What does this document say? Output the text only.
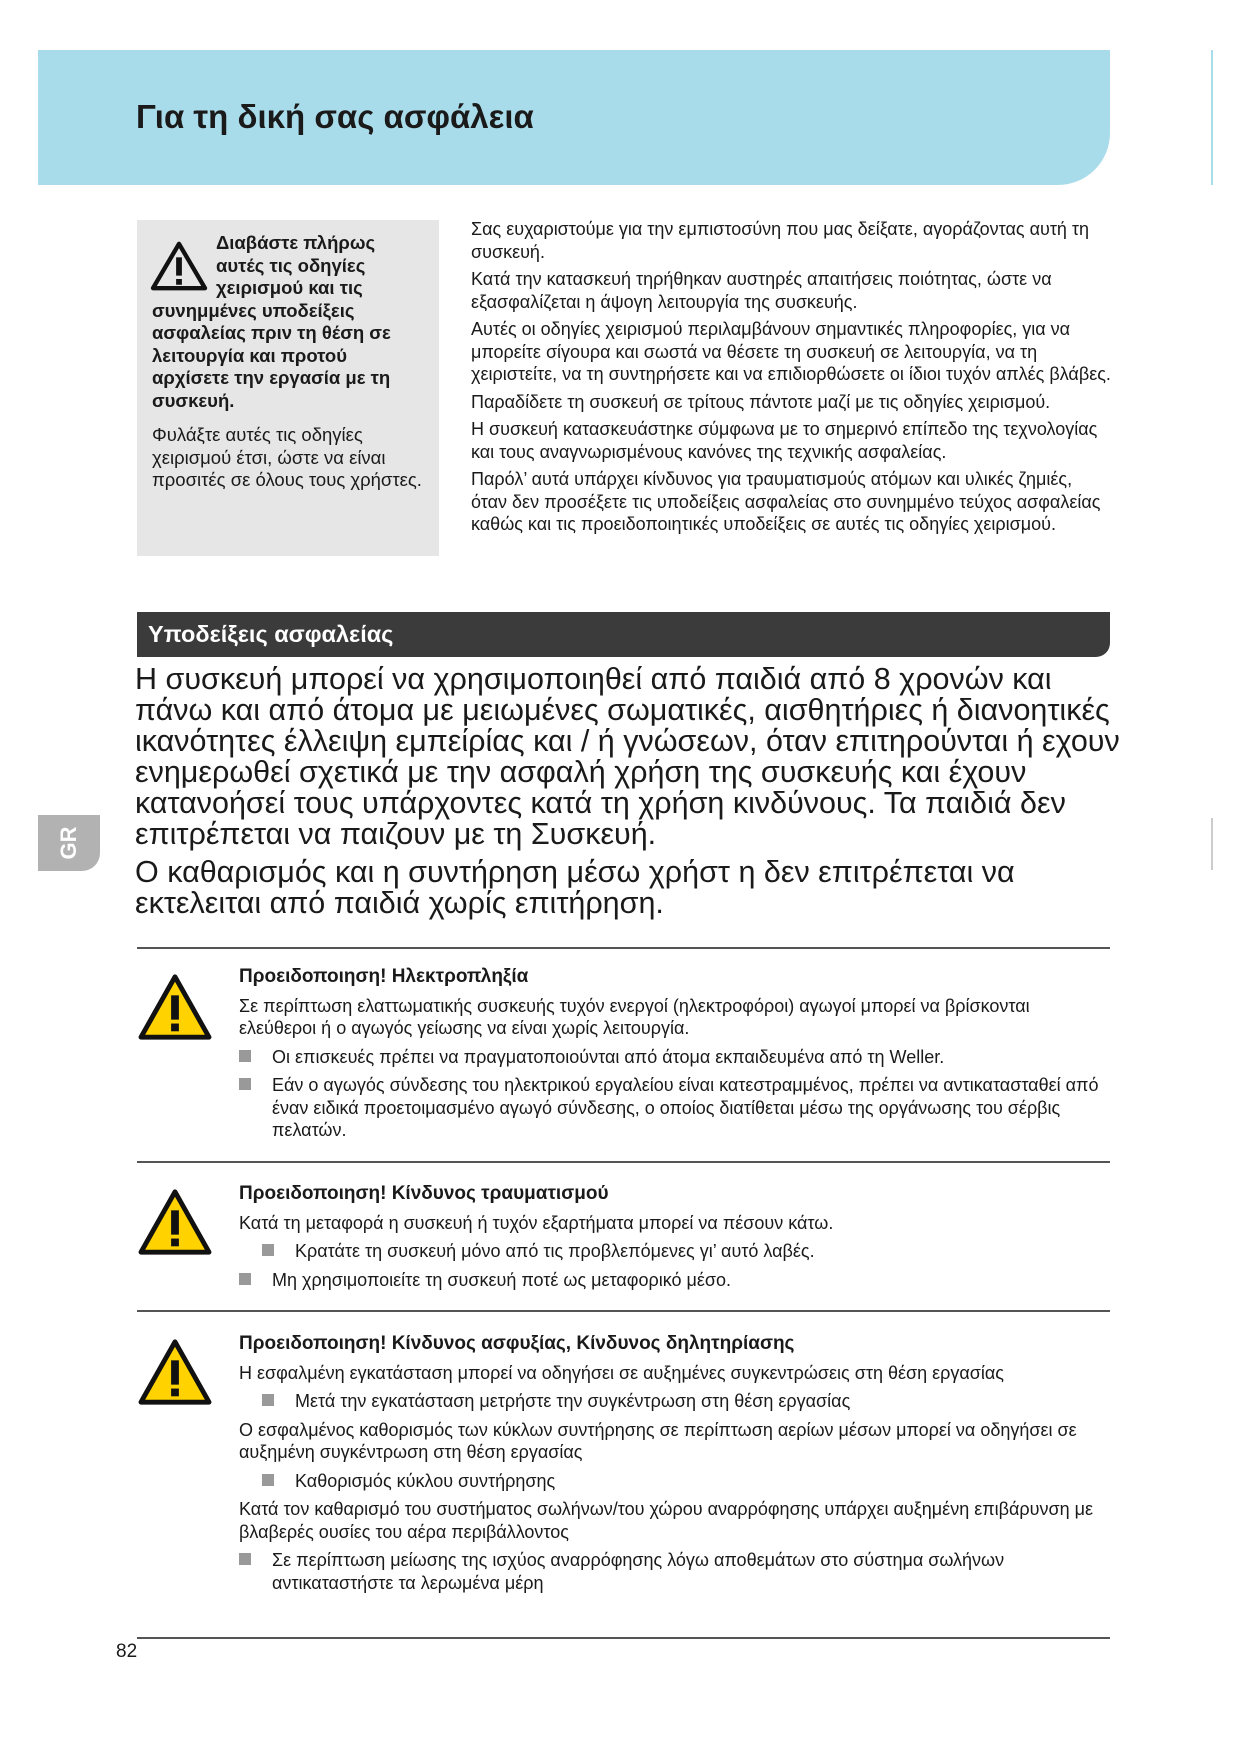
Για τη δική σας ασφάλεια

Διαβάστε πλήρως αυτές τις οδηγίες χειρισμού και τις συνημμένες υποδείξεις ασφαλείας πριν τη θέση σε λειτουργία και προτού αρχίσετε την εργασία με τη συσκευή.

Φυλάξτε αυτές τις οδηγίες χειρισμού έτσι, ώστε να είναι προσιτές σε όλους τους χρήστες.

Σας ευχαριστούμε για την εμπιστοσύνη που μας δείξατε, αγοράζοντας αυτή τη συσκευή.

Κατά την κατασκευή τηρήθηκαν αυστηρές απαιτήσεις ποιότητας, ώστε να εξασφαλίζεται η άψογη λειτουργία της συσκευής.

Αυτές οι οδηγίες χειρισμού περιλαμβάνουν σημαντικές πληροφορίες, για να μπορείτε σίγουρα και σωστά να θέσετε τη συσκευή σε λειτουργία, να τη χειριστείτε, να τη συντηρήσετε και να επιδιορθώσετε οι ίδιοι τυχόν απλές βλάβες.

Παραδίδετε τη συσκευή σε τρίτους πάντοτε μαζί με τις οδηγίες χειρισμού.

Η συσκευή κατασκευάστηκε σύμφωνα με το σημερινό επίπεδο της τεχνολογίας και τους αναγνωρισμένους κανόνες της τεχνικής ασφαλείας.

Παρόλ’ αυτά υπάρχει κίνδυνος για τραυματισμούς ατόμων και υλικές ζημιές, όταν δεν προσέξετε τις υποδείξεις ασφαλείας στο συνημμένο τεύχος ασφαλείας καθώς και τις προειδοποιητικές υποδείξεις σε αυτές τις οδηγίες χειρισμού.

Υποδείξεις ασφαλείας
GR

Η συσκευή μπορεί να χρησιμοποιηθεί από παιδιά από 8 χρονών και πάνω και από άτομα με μειωμένες σωματικές, αισθητήριες ή διανοητικές ικανότητες έλλειψη εμπείρίας και / ή γνώσεων, όταν επιτηρούνται ή εχουν ενημερωθεί σχετικά με την ασφαλή χρήση της συσκευής και έχουν κατανοήσεί τους υπάρχοντες κατά τη χρήση κινδύνους. Τα παιδιά δεν επιτρέπεται να παιζουν με τη Συσκευή.

Ο καθαρισμός και η συντήρηση μέσω χρήστ η δεν επιτρέπεται να εκτελειται από παιδιά χωρίς επιτήρηση.

Προειδοποιηση! Ηλεκτροπληξία

Σε περίπτωση ελαττωματικής συσκευής τυχόν ενεργοί (ηλεκτροφόροι) αγωγοί μπορεί να βρίσκονται ελεύθεροι ή ο αγωγός γείωσης να είναι χωρίς λειτουργία.

Οι επισκευές πρέπει να πραγματοποιούνται από άτομα εκπαιδευμένα από τη Weller.
Εάν ο αγωγός σύνδεσης του ηλεκτρικού εργαλείου είναι κατεστραμμένος, πρέπει να αντικατασταθεί από έναν ειδικά προετοιμασμένο αγωγό σύνδεσης, ο οποίος διατίθεται μέσω της οργάνωσης του σέρβις πελατών.
Προειδοποιηση! Κίνδυνος τραυματισμού

Κατά τη μεταφορά η συσκευή ή τυχόν εξαρτήματα μπορεί να πέσουν κάτω.

Κρατάτε τη συσκευή μόνο από τις προβλεπόμενες γι’ αυτό λαβές.
Μη χρησιμοποιείτε τη συσκευή ποτέ ως μεταφορικό μέσο.
Προειδοποιηση! Κίνδυνος ασφυξίας, Κίνδυνος δηλητηρίασης

Η εσφαλμένη εγκατάσταση μπορεί να οδηγήσει σε αυξημένες συγκεντρώσεις στη θέση εργασίας

Μετά την εγκατάσταση μετρήστε την συγκέντρωση στη θέση εργασίας

Ο εσφαλμένος καθορισμός των κύκλων συντήρησης σε περίπτωση αερίων μέσων μπορεί να οδηγήσει σε αυξημένη συγκέντρωση στη θέση εργασίας

Καθορισμός κύκλου συντήρησης

Κατά τον καθαρισμό του συστήματος σωλήνων/του χώρου αναρρόφησης υπάρχει αυξημένη επιβάρυνση με βλαβερές ουσίες του αέρα περιβάλλοντος

Σε περίπτωση μείωσης της ισχύος αναρρόφησης λόγω αποθεμάτων στο σύστημα σωλήνων αντικαταστήστε τα λερωμένα μέρη
82
